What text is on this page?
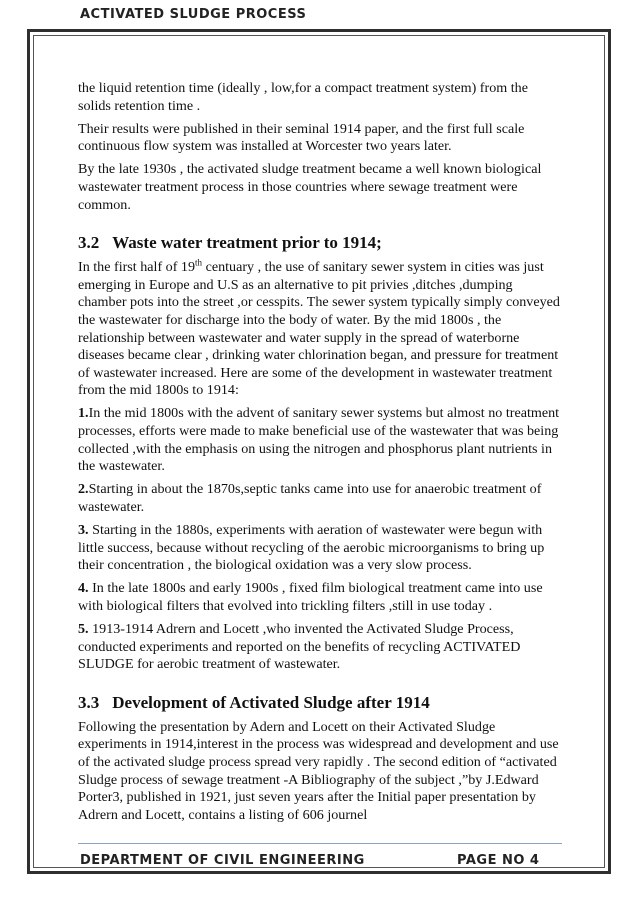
ACTIVATED SLUDGE PROCESS

the liquid retention time (ideally , low,for a compact treatment system) from the solids retention time .

Their results were published in their seminal 1914 paper, and the first full scale continuous flow system was installed at Worcester two years later.

By the late 1930s , the activated sludge treatment became a well known biological wastewater treatment process in those countries where sewage treatment were common.

3.2 Waste water treatment prior to 1914;

In the first half of 19th centuary , the use of sanitary sewer system in cities was just emerging in Europe and U.S as an alternative to pit privies ,ditches ,dumping chamber pots into the street ,or cesspits. The sewer system typically simply conveyed the wastewater for discharge into the body of water. By the mid 1800s , the relationship between wastewater and water supply in the spread of waterborne diseases became clear , drinking water chlorination began, and pressure for treatment of wastewater increased. Here are some of the development in wastewater treatment from the mid 1800s to 1914:

1.In the mid 1800s with the advent of sanitary sewer systems but almost no treatment processes, efforts were made to make beneficial use of the wastewater that was being collected ,with the emphasis on using the nitrogen and phosphorus plant nutrients in the wastewater.

2.Starting in about the 1870s,septic tanks came into use for anaerobic treatment of wastewater.

3. Starting in the 1880s, experiments with aeration of wastewater were begun with little success, because without recycling of the aerobic microorganisms to bring up their concentration , the biological oxidation was a very slow process.

4. In the late 1800s and early 1900s , fixed film biological treatment came into use with biological filters that evolved into trickling filters ,still in use today .

5. 1913-1914 Adrern and Locett ,who invented the Activated Sludge Process, conducted experiments and reported on the benefits of recycling ACTIVATED SLUDGE for aerobic treatment of wastewater.

3.3 Development of Activated Sludge after 1914

Following the presentation by Adern and Locett on their Activated Sludge experiments in 1914,interest in the process was widespread and development and use of the activated sludge process spread very rapidly . The second edition of “activated Sludge process of sewage treatment -A Bibliography of the subject ,”by J.Edward Porter3, published in 1921, just seven years after the Initial paper presentation by Adrern and Locett, contains a listing of 606 journel

DEPARTMENT OF CIVIL ENGINEERING	PAGE NO 4
